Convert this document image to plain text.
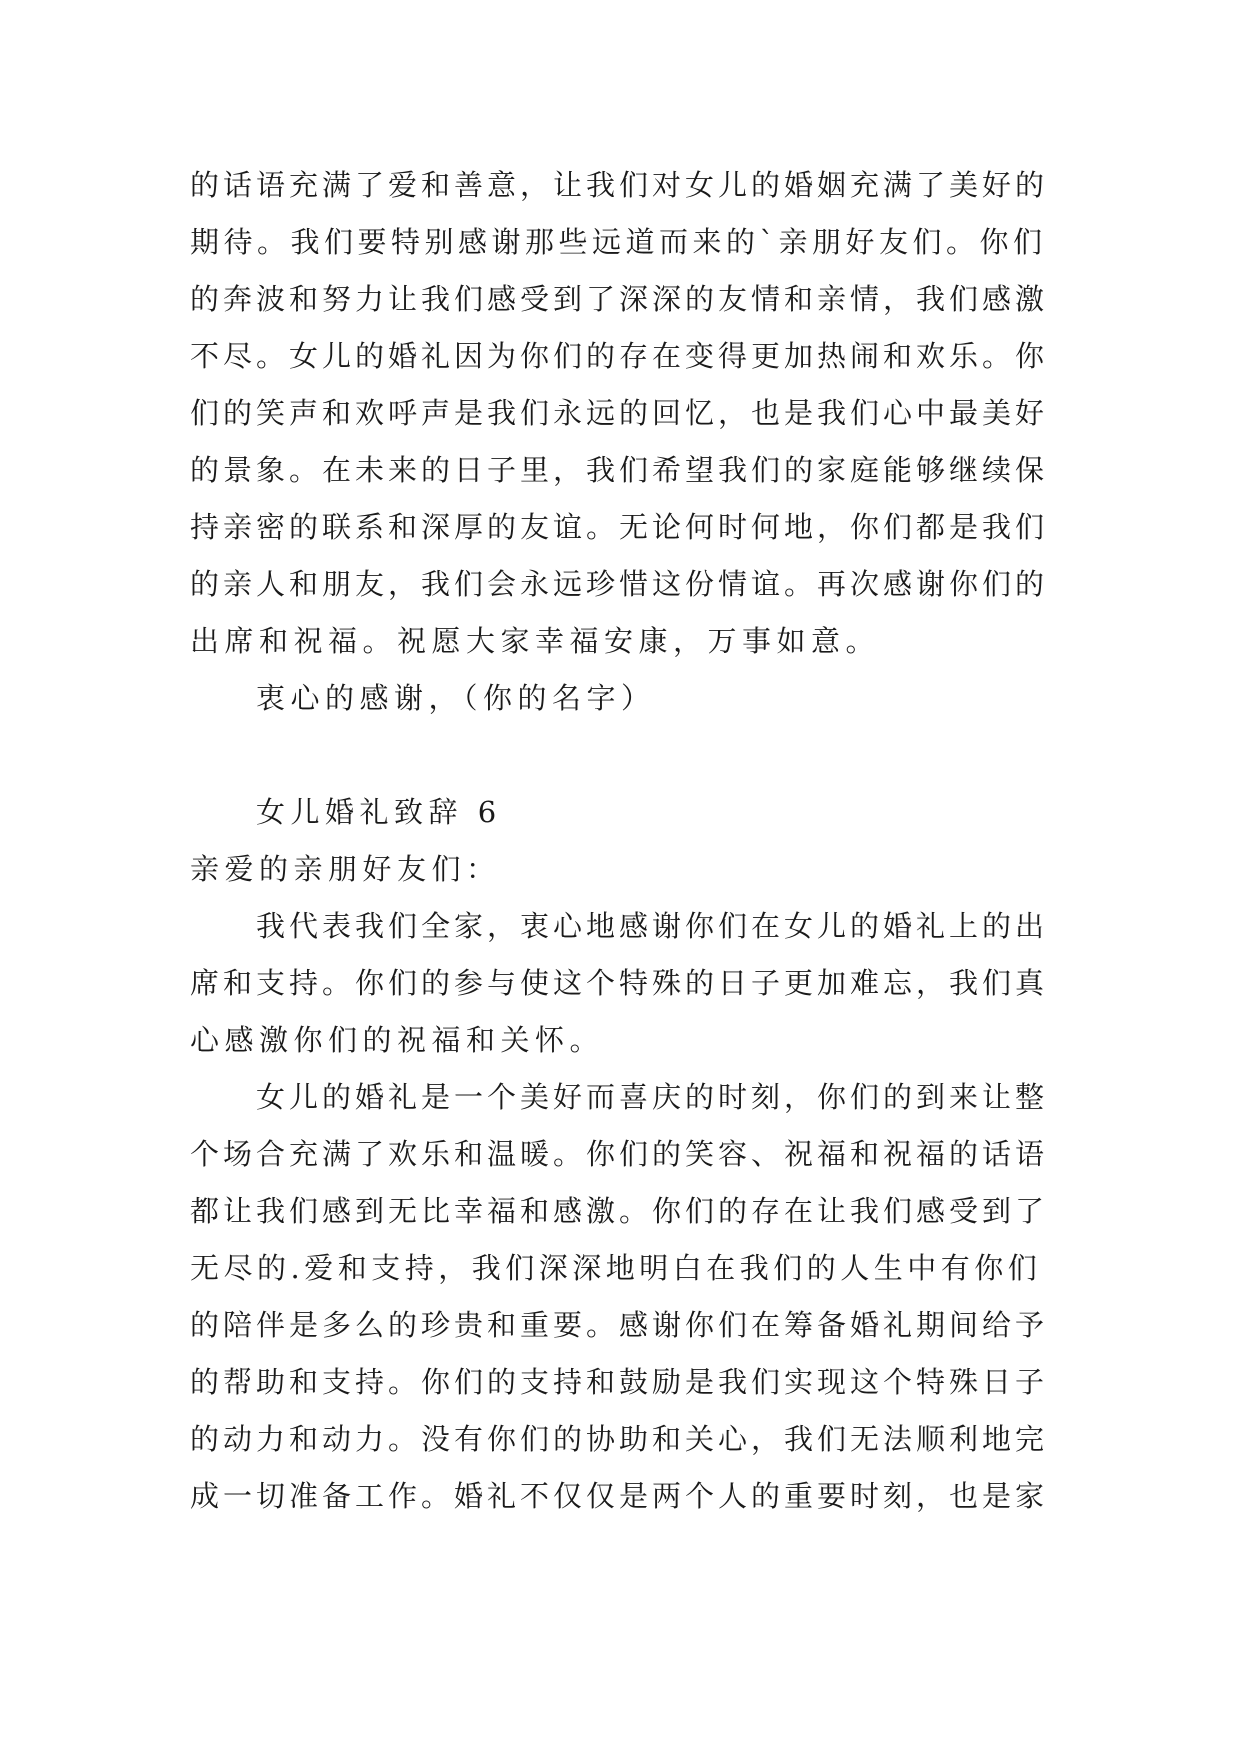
的话语充满了爱和善意，让我们对女儿的婚姻充满了美好的
期待。我们要特别感谢那些远道而来的`亲朋好友们。你们
的奔波和努力让我们感受到了深深的友情和亲情，我们感激
不尽。女儿的婚礼因为你们的存在变得更加热闹和欢乐。你
们的笑声和欢呼声是我们永远的回忆，也是我们心中最美好
的景象。在未来的日子里，我们希望我们的家庭能够继续保
持亲密的联系和深厚的友谊。无论何时何地，你们都是我们
的亲人和朋友，我们会永远珍惜这份情谊。再次感谢你们的
出席和祝福。祝愿大家幸福安康，万事如意。
衷心的感谢，（你的名字）
女儿婚礼致辞 6
亲爱的亲朋好友们：
我代表我们全家，衷心地感谢你们在女儿的婚礼上的出
席和支持。你们的参与使这个特殊的日子更加难忘，我们真
心感激你们的祝福和关怀。
女儿的婚礼是一个美好而喜庆的时刻，你们的到来让整
个场合充满了欢乐和温暖。你们的笑容、祝福和祝福的话语
都让我们感到无比幸福和感激。你们的存在让我们感受到了
无尽的.爱和支持，我们深深地明白在我们的人生中有你们
的陪伴是多么的珍贵和重要。感谢你们在筹备婚礼期间给予
的帮助和支持。你们的支持和鼓励是我们实现这个特殊日子
的动力和动力。没有你们的协助和关心，我们无法顺利地完
成一切准备工作。婚礼不仅仅是两个人的重要时刻，也是家
